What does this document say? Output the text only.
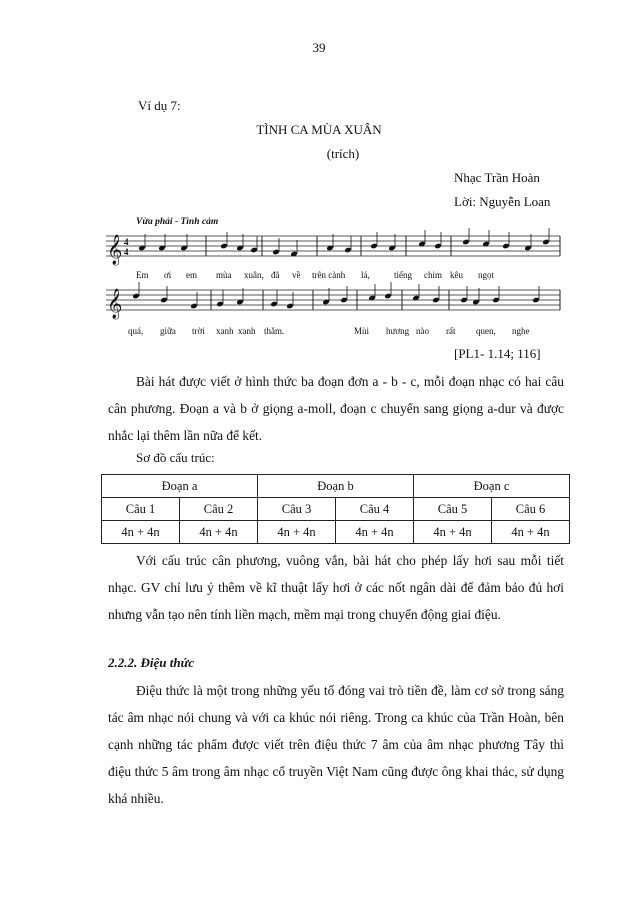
39
Ví dụ 7:
TÌNH CA MÙA XUÂN
(trích)
Nhạc Trần Hoàn
Lời: Nguyễn Loan
Vừa phải - Tình cảm
𝄞 4
4
𝄞
Em ơi em mùa xuân, đã về trên cành lá,	tiếng chim kêu ngọt
quá, giữa trời xanh xanh thẳm.	Mùi hương nào rất quen, nghe
[PL1- 1.14; 116]
Bài hát được viết ở hình thức ba đoạn đơn a - b - c, mỗi đoạn nhạc có hai câu cân phương. Đoạn a và b ở giọng a-moll, đoạn c chuyển sang giọng a-dur và được nhắc lại thêm lần nữa để kết.
Sơ đồ cấu trúc:
Đoạn a		Đoạn b		Đoạn c	
Câu 1	Câu 2	Câu 3	Câu 4	Câu 5	Câu 6
4n + 4n	4n + 4n	4n + 4n	4n + 4n	4n + 4n	4n + 4n
Với cấu trúc cân phương, vuông vắn, bài hát cho phép lấy hơi sau mỗi tiết nhạc. GV chỉ lưu ý thêm về kĩ thuật lấy hơi ở các nốt ngân dài để đảm bảo đủ hơi nhưng vẫn tạo nên tính liền mạch, mềm mại trong chuyển động giai điệu.
2.2.2. Điệu thức
Điệu thức là một trong những yếu tố đóng vai trò tiền đề, làm cơ sở trong sáng tác âm nhạc nói chung và với ca khúc nói riêng. Trong ca khúc của Trần Hoàn, bên cạnh những tác phẩm được viết trên điệu thức 7 âm của âm nhạc phương Tây thì điệu thức 5 âm trong âm nhạc cổ truyền Việt Nam cũng được ông khai thác, sử dụng khá nhiều.
